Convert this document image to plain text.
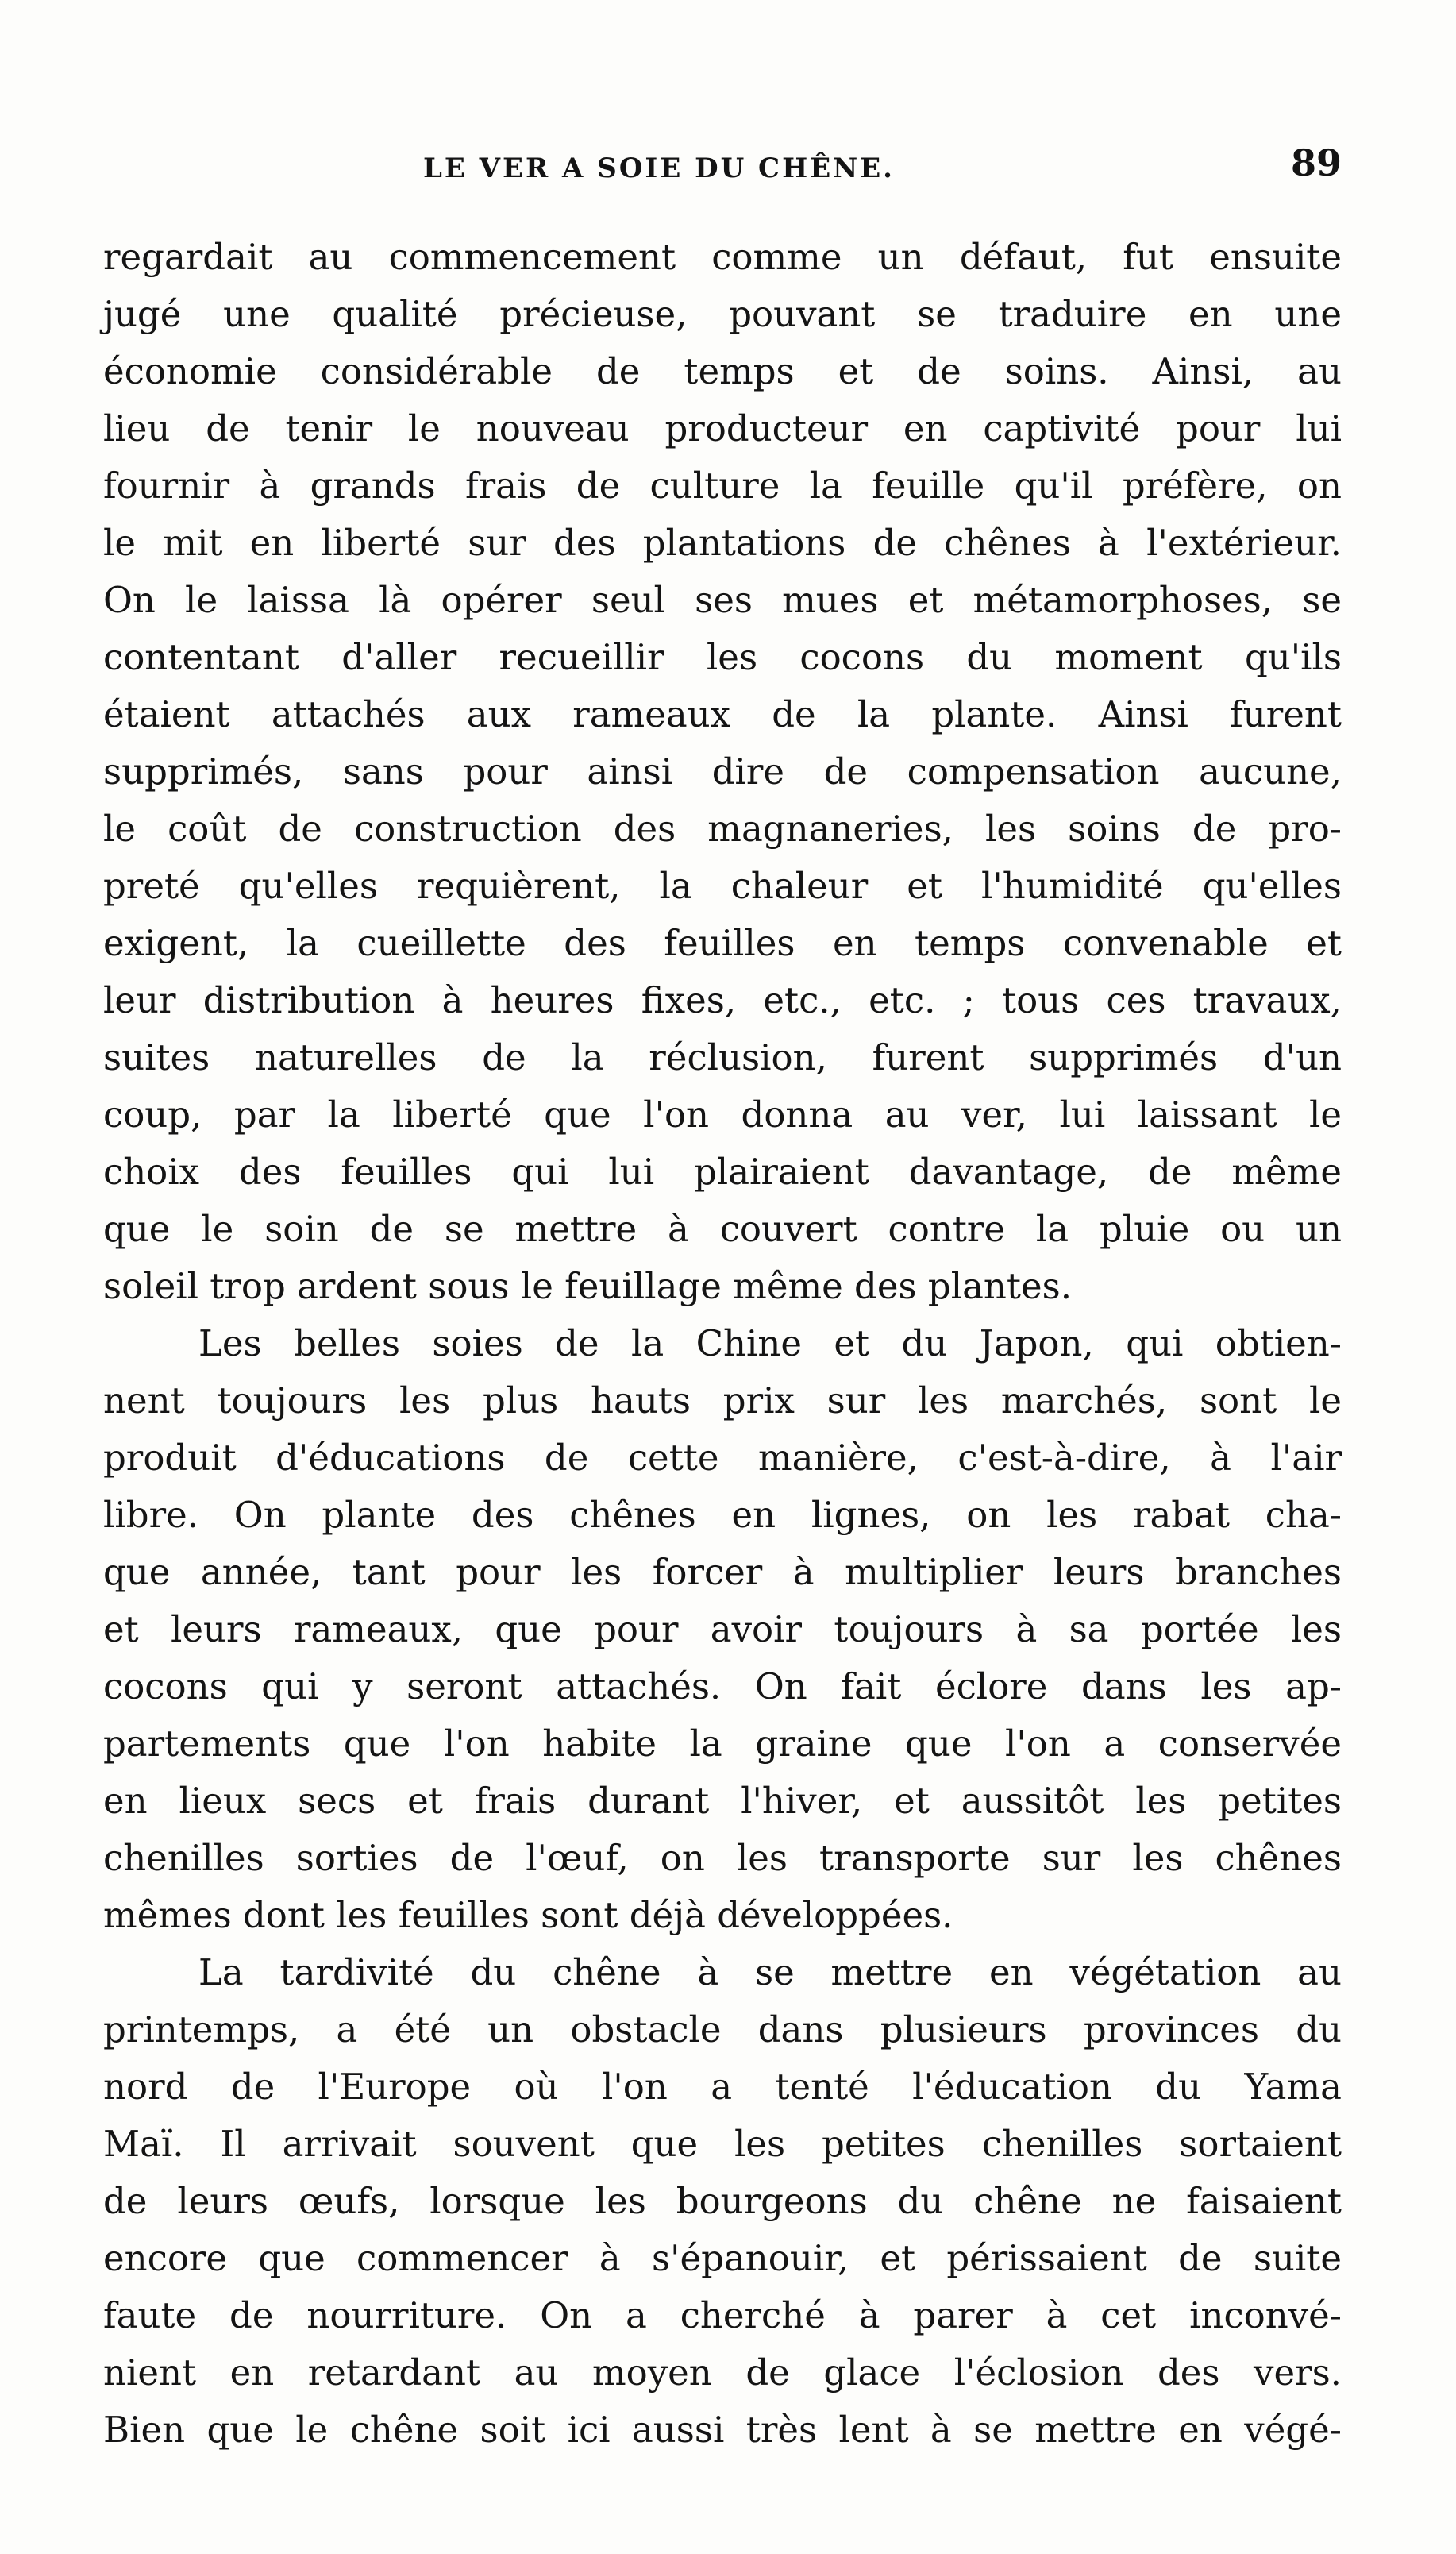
LE VER A SOIE DU CHÊNE.	89
regardait au commencement comme un défaut, fut ensuite
jugé une qualité précieuse, pouvant se traduire en une
économie considérable de temps et de soins. Ainsi, au
lieu de tenir le nouveau producteur en captivité pour lui
fournir à grands frais de culture la feuille qu'il préfère, on
le mit en liberté sur des plantations de chênes à l'extérieur.
On le laissa là opérer seul ses mues et métamorphoses, se
contentant d'aller recueillir les cocons du moment qu'ils
étaient attachés aux rameaux de la plante. Ainsi furent
supprimés, sans pour ainsi dire de compensation aucune,
le coût de construction des magnaneries, les soins de pro-
preté qu'elles requièrent, la chaleur et l'humidité qu'elles
exigent, la cueillette des feuilles en temps convenable et
leur distribution à heures fixes, etc., etc. ; tous ces travaux,
suites naturelles de la réclusion, furent supprimés d'un
coup, par la liberté que l'on donna au ver, lui laissant le
choix des feuilles qui lui plairaient davantage, de même
que le soin de se mettre à couvert contre la pluie ou un
soleil trop ardent sous le feuillage même des plantes.
Les belles soies de la Chine et du Japon, qui obtien-
nent toujours les plus hauts prix sur les marchés, sont le
produit d'éducations de cette manière, c'est-à-dire, à l'air
libre. On plante des chênes en lignes, on les rabat cha-
que année, tant pour les forcer à multiplier leurs branches
et leurs rameaux, que pour avoir toujours à sa portée les
cocons qui y seront attachés. On fait éclore dans les ap-
partements que l'on habite la graine que l'on a conservée
en lieux secs et frais durant l'hiver, et aussitôt les petites
chenilles sorties de l'œuf, on les transporte sur les chênes
mêmes dont les feuilles sont déjà développées.
La tardivité du chêne à se mettre en végétation au
printemps, a été un obstacle dans plusieurs provinces du
nord de l'Europe où l'on a tenté l'éducation du Yama
Maï. Il arrivait souvent que les petites chenilles sortaient
de leurs œufs, lorsque les bourgeons du chêne ne faisaient
encore que commencer à s'épanouir, et périssaient de suite
faute de nourriture. On a cherché à parer à cet inconvé-
nient en retardant au moyen de glace l'éclosion des vers.
Bien que le chêne soit ici aussi très lent à se mettre en végé-
